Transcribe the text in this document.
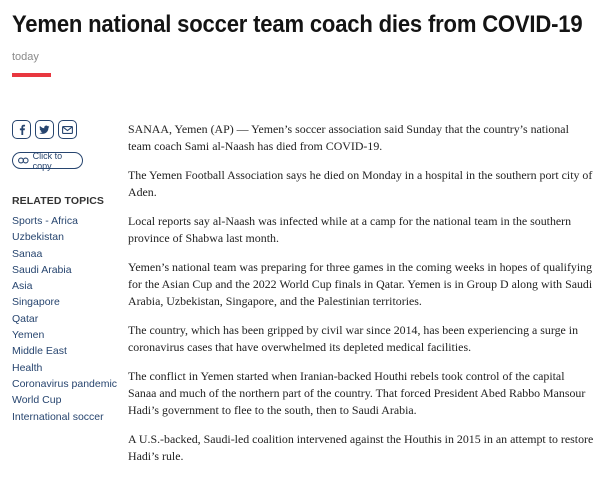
Yemen national soccer team coach dies from COVID-19
today
Click to copy
RELATED TOPICS
Sports - Africa
Uzbekistan
Sanaa
Saudi Arabia
Asia
Singapore
Qatar
Yemen
Middle East
Health
Coronavirus pandemic
World Cup
International soccer

SANAA, Yemen (AP) — Yemen’s soccer association said Sunday that the country’s national team coach Sami al-Naash has died from COVID-19.

The Yemen Football Association says he died on Monday in a hospital in the southern port city of Aden.

Local reports say al-Naash was infected while at a camp for the national team in the southern province of Shabwa last month.

Yemen’s national team was preparing for three games in the coming weeks in hopes of qualifying for the Asian Cup and the 2022 World Cup finals in Qatar. Yemen is in Group D along with Saudi Arabia, Uzbekistan, Singapore, and the Palestinian territories.

The country, which has been gripped by civil war since 2014, has been experiencing a surge in coronavirus cases that have overwhelmed its depleted medical facilities.

The conflict in Yemen started when Iranian-backed Houthi rebels took control of the capital Sanaa and much of the northern part of the country. That forced President Abed Rabbo Mansour Hadi’s government to flee to the south, then to Saudi Arabia.

A U.S.-backed, Saudi-led coalition intervened against the Houthis in 2015 in an attempt to restore Hadi’s rule.
